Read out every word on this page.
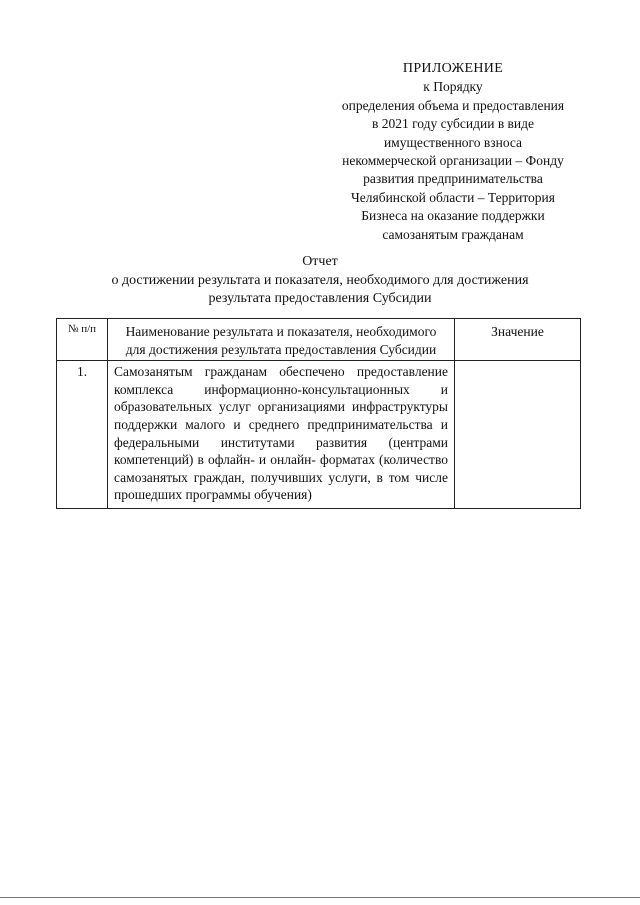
ПРИЛОЖЕНИЕ
к Порядку
определения объема и предоставления
в 2021 году субсидии в виде
имущественного взноса
некоммерческой организации – Фонду
развития предпринимательства
Челябинской области – Территория
Бизнеса на оказание поддержки
самозанятым гражданам
Отчет
о достижении результата и показателя, необходимого для достижения
результата предоставления Субсидии
№ п/п	Наименование результата и показателя, необходимого для достижения результата предоставления Субсидии	Значение
1.	Самозанятым гражданам обеспечено предоставление комплекса информационно-консультационных и образовательных услуг организациями инфраструктуры поддержки малого и среднего предпринимательства и федеральными институтами развития (центрами компетенций) в офлайн- и онлайн- форматах (количество самозанятых граждан, получивших услуги, в том числе прошедших программы обучения)	
